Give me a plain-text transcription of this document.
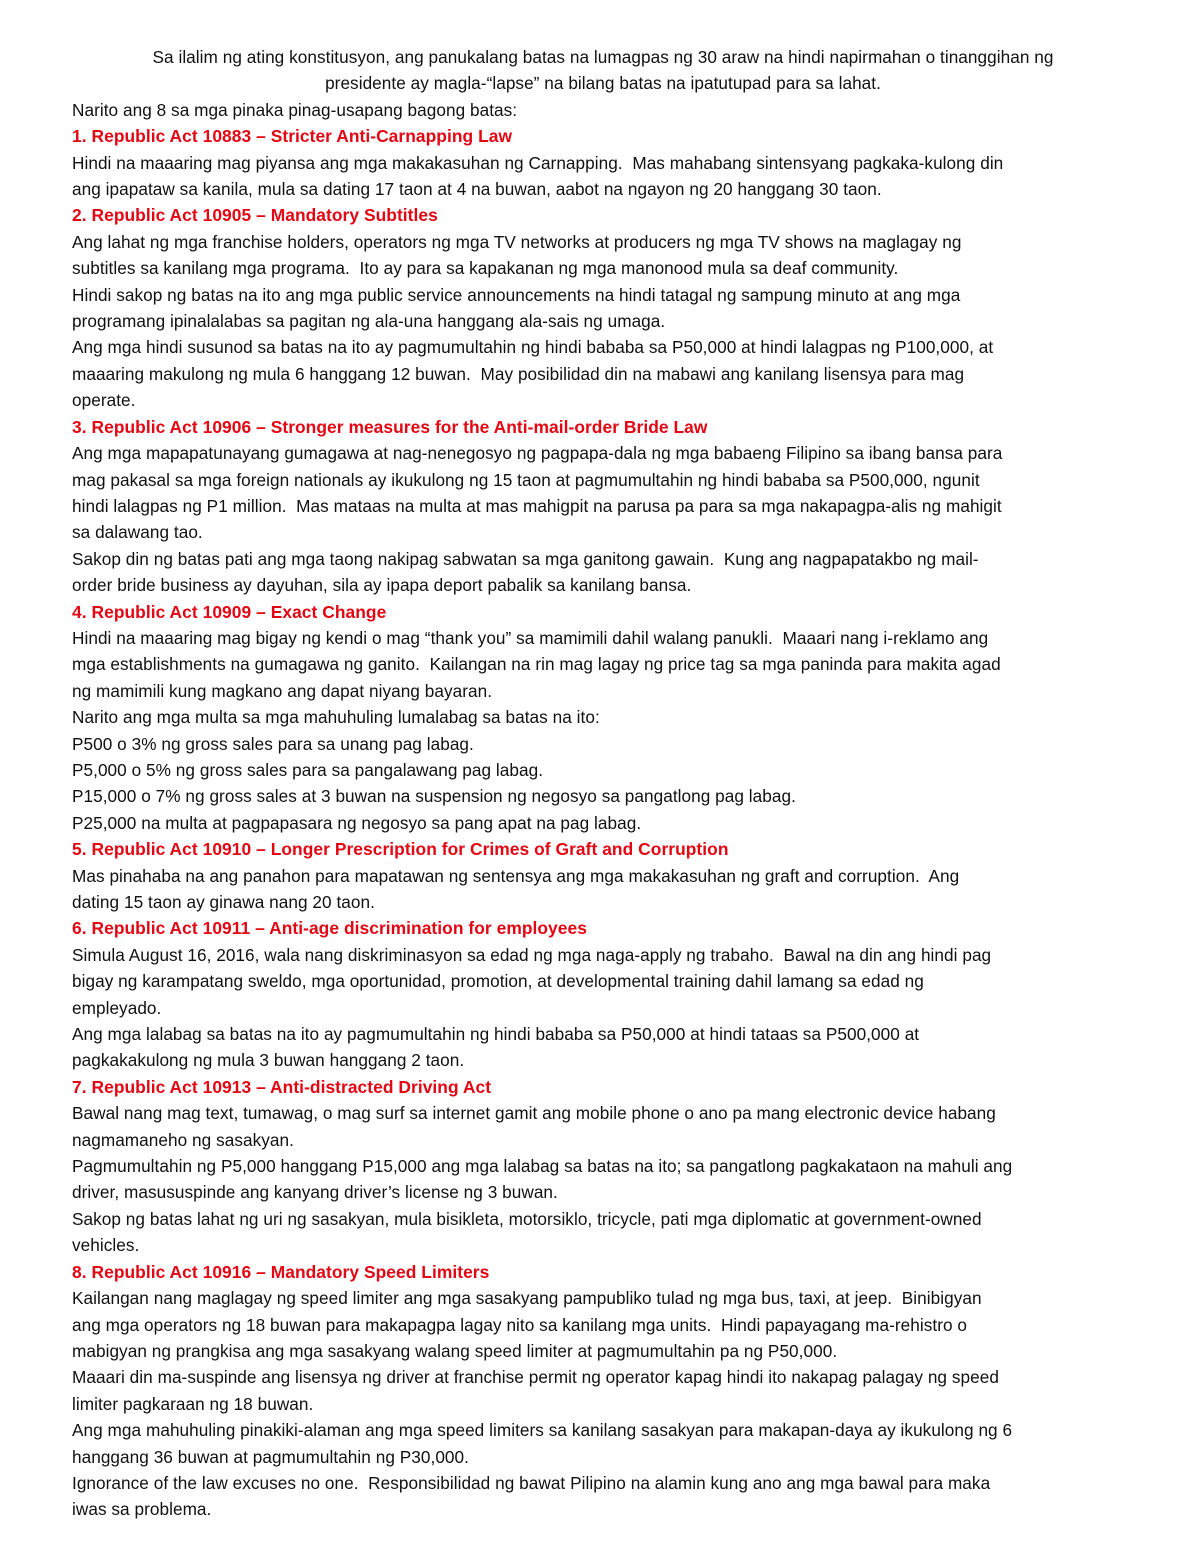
Sa ilalim ng ating konstitusyon, ang panukalang batas na lumagpas ng 30 araw na hindi napirmahan o tinanggihan ng
presidente ay magla-“lapse” na bilang batas na ipatutupad para sa lahat.
Narito ang 8 sa mga pinaka pinag-usapang bagong batas:
1. Republic Act 10883 – Stricter Anti-Carnapping Law
Hindi na maaaring mag piyansa ang mga makakasuhan ng Carnapping.  Mas mahabang sintensyang pagkaka-kulong din
ang ipapataw sa kanila, mula sa dating 17 taon at 4 na buwan, aabot na ngayon ng 20 hanggang 30 taon.
2. Republic Act 10905 – Mandatory Subtitles
Ang lahat ng mga franchise holders, operators ng mga TV networks at producers ng mga TV shows na maglagay ng
subtitles sa kanilang mga programa.  Ito ay para sa kapakanan ng mga manonood mula sa deaf community.
Hindi sakop ng batas na ito ang mga public service announcements na hindi tatagal ng sampung minuto at ang mga
programang ipinalalabas sa pagitan ng ala-una hanggang ala-sais ng umaga.
Ang mga hindi susunod sa batas na ito ay pagmumultahin ng hindi bababa sa P50,000 at hindi lalagpas ng P100,000, at
maaaring makulong ng mula 6 hanggang 12 buwan.  May posibilidad din na mabawi ang kanilang lisensya para mag
operate.
3. Republic Act 10906 – Stronger measures for the Anti-mail-order Bride Law
Ang mga mapapatunayang gumagawa at nag-nenegosyo ng pagpapa-dala ng mga babaeng Filipino sa ibang bansa para
mag pakasal sa mga foreign nationals ay ikukulong ng 15 taon at pagmumultahin ng hindi bababa sa P500,000, ngunit
hindi lalagpas ng P1 million.  Mas mataas na multa at mas mahigpit na parusa pa para sa mga nakapagpa-alis ng mahigit
sa dalawang tao.
Sakop din ng batas pati ang mga taong nakipag sabwatan sa mga ganitong gawain.  Kung ang nagpapatakbo ng mail-
order bride business ay dayuhan, sila ay ipapa deport pabalik sa kanilang bansa.
4. Republic Act 10909 – Exact Change
Hindi na maaaring mag bigay ng kendi o mag “thank you” sa mamimili dahil walang panukli.  Maaari nang i-reklamo ang
mga establishments na gumagawa ng ganito.  Kailangan na rin mag lagay ng price tag sa mga paninda para makita agad
ng mamimili kung magkano ang dapat niyang bayaran.
Narito ang mga multa sa mga mahuhuling lumalabag sa batas na ito:
P500 o 3% ng gross sales para sa unang pag labag.
P5,000 o 5% ng gross sales para sa pangalawang pag labag.
P15,000 o 7% ng gross sales at 3 buwan na suspension ng negosyo sa pangatlong pag labag.
P25,000 na multa at pagpapasara ng negosyo sa pang apat na pag labag.
5. Republic Act 10910 – Longer Prescription for Crimes of Graft and Corruption
Mas pinahaba na ang panahon para mapatawan ng sentensya ang mga makakasuhan ng graft and corruption.  Ang
dating 15 taon ay ginawa nang 20 taon.
6. Republic Act 10911 – Anti-age discrimination for employees
Simula August 16, 2016, wala nang diskriminasyon sa edad ng mga naga-apply ng trabaho.  Bawal na din ang hindi pag
bigay ng karampatang sweldo, mga oportunidad, promotion, at developmental training dahil lamang sa edad ng
empleyado.
Ang mga lalabag sa batas na ito ay pagmumultahin ng hindi bababa sa P50,000 at hindi tataas sa P500,000 at
pagkakakulong ng mula 3 buwan hanggang 2 taon.
7. Republic Act 10913 – Anti-distracted Driving Act
Bawal nang mag text, tumawag, o mag surf sa internet gamit ang mobile phone o ano pa mang electronic device habang
nagmamaneho ng sasakyan.
Pagmumultahin ng P5,000 hanggang P15,000 ang mga lalabag sa batas na ito; sa pangatlong pagkakataon na mahuli ang
driver, masususpinde ang kanyang driver’s license ng 3 buwan.
Sakop ng batas lahat ng uri ng sasakyan, mula bisikleta, motorsiklo, tricycle, pati mga diplomatic at government-owned
vehicles.
8. Republic Act 10916 – Mandatory Speed Limiters
Kailangan nang maglagay ng speed limiter ang mga sasakyang pampubliko tulad ng mga bus, taxi, at jeep.  Binibigyan
ang mga operators ng 18 buwan para makapagpa lagay nito sa kanilang mga units.  Hindi papayagang ma-rehistro o
mabigyan ng prangkisa ang mga sasakyang walang speed limiter at pagmumultahin pa ng P50,000.
Maaari din ma-suspinde ang lisensya ng driver at franchise permit ng operator kapag hindi ito nakapag palagay ng speed
limiter pagkaraan ng 18 buwan.
Ang mga mahuhuling pinakiki-alaman ang mga speed limiters sa kanilang sasakyan para makapan-daya ay ikukulong ng 6
hanggang 36 buwan at pagmumultahin ng P30,000.
Ignorance of the law excuses no one.  Responsibilidad ng bawat Pilipino na alamin kung ano ang mga bawal para maka
iwas sa problema.
